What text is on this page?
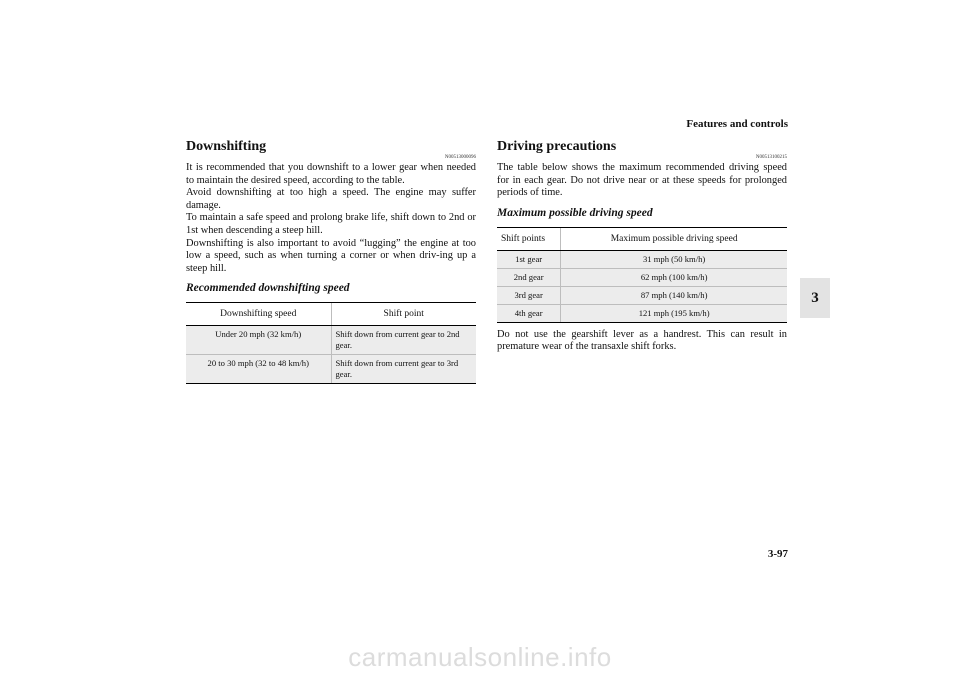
Features and controls
3
Downshifting
N00513000096

It is recommended that you downshift to a lower gear when needed to maintain the desired speed, according to the table.

Avoid downshifting at too high a speed. The engine may suffer damage.

To maintain a safe speed and prolong brake life, shift down to 2nd or 1st when descending a steep hill.

Downshifting is also important to avoid “lugging” the engine at too low a speed, such as when turning a corner or when driv-ing up a steep hill.

Recommended downshifting speed
Downshifting speed	Shift point
Under 20 mph (32 km/h)	Shift down from current gear to 2nd gear.
20 to 30 mph (32 to 48 km/h)	Shift down from current gear to 3rd gear.
Driving precautions
N00513100215

The table below shows the maximum recommended driving speed for in each gear. Do not drive near or at these speeds for prolonged periods of time.

Maximum possible driving speed
Shift points	Maximum possible driving speed
1st gear	31 mph (50 km/h)
2nd gear	62 mph (100 km/h)
3rd gear	87 mph (140 km/h)
4th gear	121 mph (195 km/h)

Do not use the gearshift lever as a handrest. This can result in premature wear of the transaxle shift forks.

3-97
carmanualsonline.info
